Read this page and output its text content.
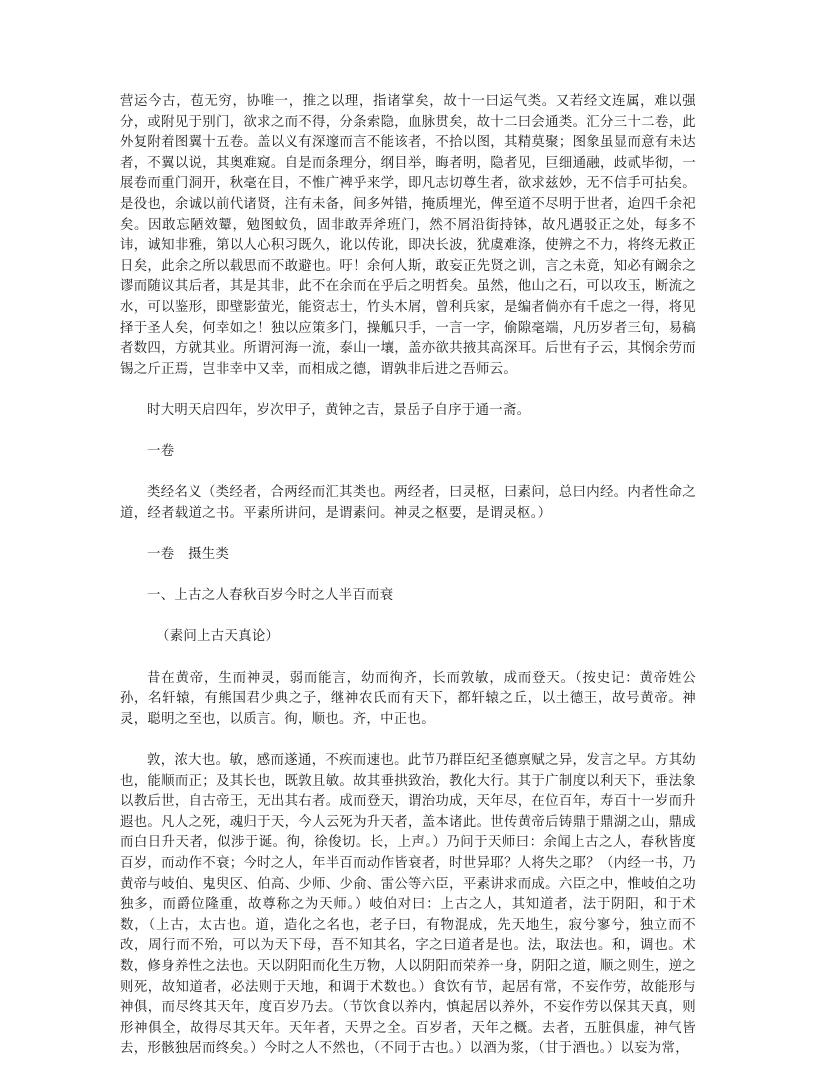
营运今古，苞无穷，协唯一，推之以理，指诸掌矣，故十一曰运气类。又若经文连属，难以强分，或附见于别门，欲求之而不得，分条索隐，血脉贯矣，故十二曰会通类。汇分三十二卷，此外复附着图翼十五卷。盖以义有深邃而言不能该者，不拾以图，其精莫聚；图象虽显而意有未达者，不翼以说，其奥难窥。自是而条理分，纲目举，晦者明，隐者见，巨细通融，歧贰毕彻，一展卷而重门洞开，秋毫在目，不惟广裨乎来学，即凡志切尊生者，欲求兹妙，无不信手可拈矣。是役也，余诚以前代诸贤，注有未备，间多舛错，掩质埋光，俾至道不尽明于世者，迨四千余祀矣。因敢忘陋效颦，勉图蚊负，固非敢弄斧班门，然不屑沿街持钵，故凡遇驳正之处，每多不讳，诚知非雅，第以人心积习既久，讹以传讹，即决长波，犹虞难涤，使辨之不力，将终无救正日矣，此余之所以载思而不敢避也。吁！余何人斯，敢妄正先贤之训，言之未竟，知必有阚余之谬而随议其后者，其是其非，此不在余而在乎后之明哲矣。虽然，他山之石，可以攻玉，断流之水，可以鉴形，即壁影萤光，能资志士，竹头木屑，曾利兵家，是编者倘亦有千虑之一得，将见择于圣人矣，何幸如之！独以应策多门，操觚只手，一言一字，偷隙毫端，凡历岁者三旬，易稿者数四，方就其业。所谓河海一流，泰山一壤，盖亦欲共掖其高深耳。后世有子云，其悯余劳而锡之斤正焉，岂非幸中又幸，而相成之德，谓孰非后进之吾师云。

时大明天启四年，岁次甲子，黄钟之吉，景岳子自序于通一斋。

一卷

类经名义（类经者，合两经而汇其类也。两经者，曰灵枢，曰素问，总曰内经。内者性命之道，经者载道之书。平素所讲问，是谓素问。神灵之枢要，是谓灵枢。）

一卷　摄生类

一、上古之人春秋百岁今时之人半百而衰

（素问上古天真论）

昔在黄帝，生而神灵，弱而能言，幼而徇齐，长而敦敏，成而登天。（按史记：黄帝姓公孙，名轩辕，有熊国君少典之子，继神农氏而有天下，都轩辕之丘，以土德王，故号黄帝。神灵，聪明之至也，以质言。徇，顺也。齐，中正也。

敦，浓大也。敏，感而遂通，不疾而速也。此节乃群臣纪圣德禀赋之异，发言之早。方其幼也，能顺而正；及其长也，既敦且敏。故其垂拱致治，教化大行。其于广制度以利天下，垂法象以教后世，自古帝王，无出其右者。成而登天，谓治功成，天年尽，在位百年，寿百十一岁而升遐也。凡人之死，魂归于天，今人云死为升天者，盖本诸此。世传黄帝后铸鼎于鼎湖之山，鼎成而白日升天者，似涉于诞。徇，徐俊切。长，上声。）乃问于天师曰：余闻上古之人，春秋皆度百岁，而动作不衰；今时之人，年半百而动作皆衰者，时世异耶？人将失之耶？（内经一书，乃黄帝与岐伯、鬼臾区、伯高、少师、少俞、雷公等六臣，平素讲求而成。六臣之中，惟岐伯之功独多，而爵位隆重，故尊称之为天师。）岐伯对曰：上古之人，其知道者，法于阴阳，和于术数，（上古，太古也。道，造化之名也，老子曰，有物混成，先天地生，寂兮寥兮，独立而不改，周行而不殆，可以为天下母，吾不知其名，字之曰道者是也。法，取法也。和，调也。术数，修身养性之法也。天以阴阳而化生万物，人以阴阳而荣养一身，阴阳之道，顺之则生，逆之则死，故知道者，必法则于天地，和调于术数也。）食饮有节，起居有常，不妄作劳，故能形与神俱，而尽终其天年，度百岁乃去。（节饮食以养内，慎起居以养外，不妄作劳以保其天真，则形神俱全，故得尽其天年。天年者，天畀之全。百岁者，天年之概。去者，五脏俱虚，神气皆去，形骸独居而终矣。）今时之人不然也，（不同于古也。）以酒为浆，（甘于酒也。）以妄为常，
